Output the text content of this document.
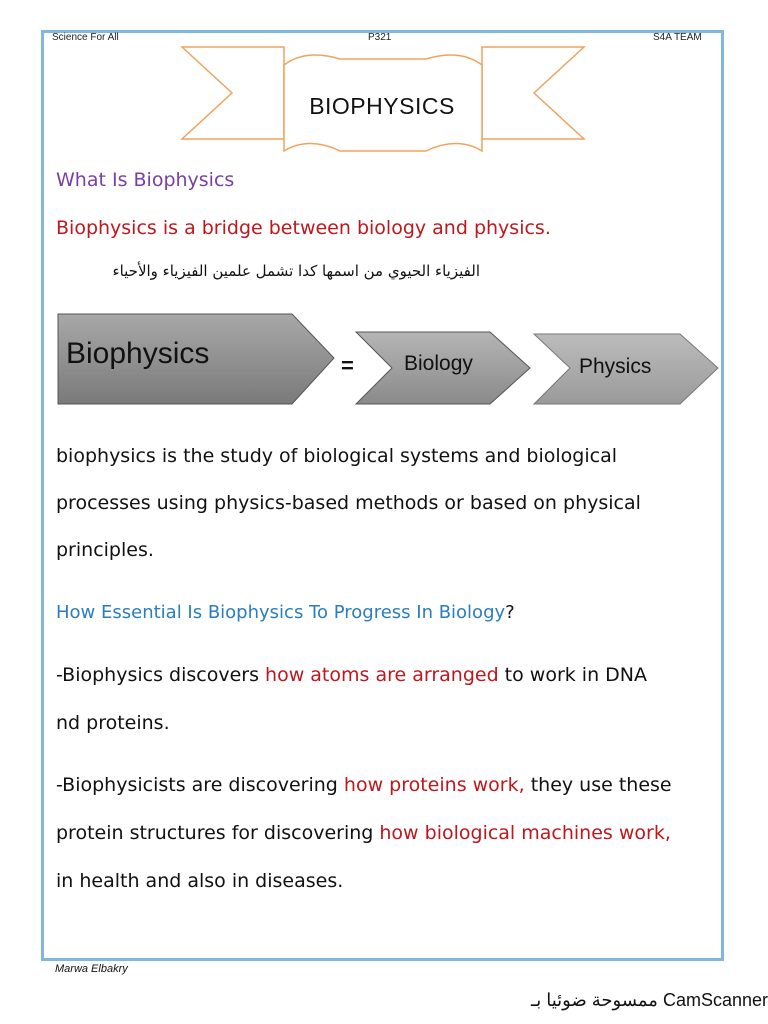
Science For All	P321	S4A TEAM
BIOPHYSICS
What Is Biophysics
Biophysics is a bridge between biology and physics.
الفيزياء الحيوي من اسمها كدا تشمل علمين الفيزياء والأحياء
Biophysics	= Biology	Physics
biophysics is the study of biological systems and biological
processes using physics-based methods or based on physical
principles.
How Essential Is Biophysics To Progress In Biology?
-Biophysics discovers how atoms are arranged to work in DNA
nd proteins.
-Biophysicists are discovering how proteins work, they use these
protein structures for discovering how biological machines work,
in health and also in diseases.
Marwa Elbakry
ممسوحة ضوئيا بـ CamScanner
